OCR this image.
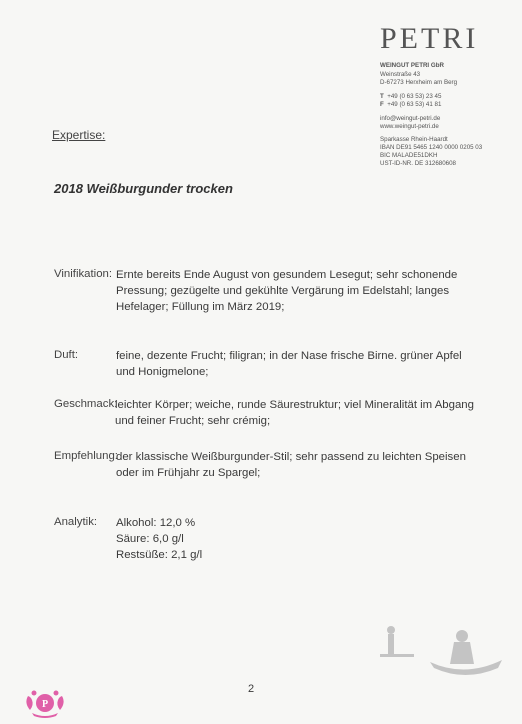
PETRI
WEINGUT PETRI GbR
Weinstraße 43
D-67273 Herxheim am Berg
T +49 (0 63 53) 23 45
F +49 (0 63 53) 41 81
info@weingut-petri.de
www.weingut-petri.de
Sparkasse Rhein-Haardt
IBAN DE91 5465 1240 0000 0205 03
BIC MALADE51DKH
UST-ID-NR. DE 312680608
Expertise:
2018 Weißburgunder trocken
Vinifikation: Ernte bereits Ende August von gesundem Lesegut; sehr schonende
Pressung; gezügelte und gekühlte Vergärung im Edelstahl; langes
Hefelager; Füllung im März 2019;
Duft:	feine, dezente Frucht; filigran; in der Nase frische Birne. grüner Apfel
und Honigmelone;
Geschmack:
leichter Körper; weiche, runde Säurestruktur; viel Mineralität im Abgang
und feiner Frucht; sehr crémig;
Empfehlung:
der klassische Weißburgunder-Stil; sehr passend zu leichten Speisen
oder im Frühjahr zu Spargel;
Analytik: Alkohol: 12,0 %
Säure: 6,0 g/l
Restsüße: 2,1 g/l
P
2
